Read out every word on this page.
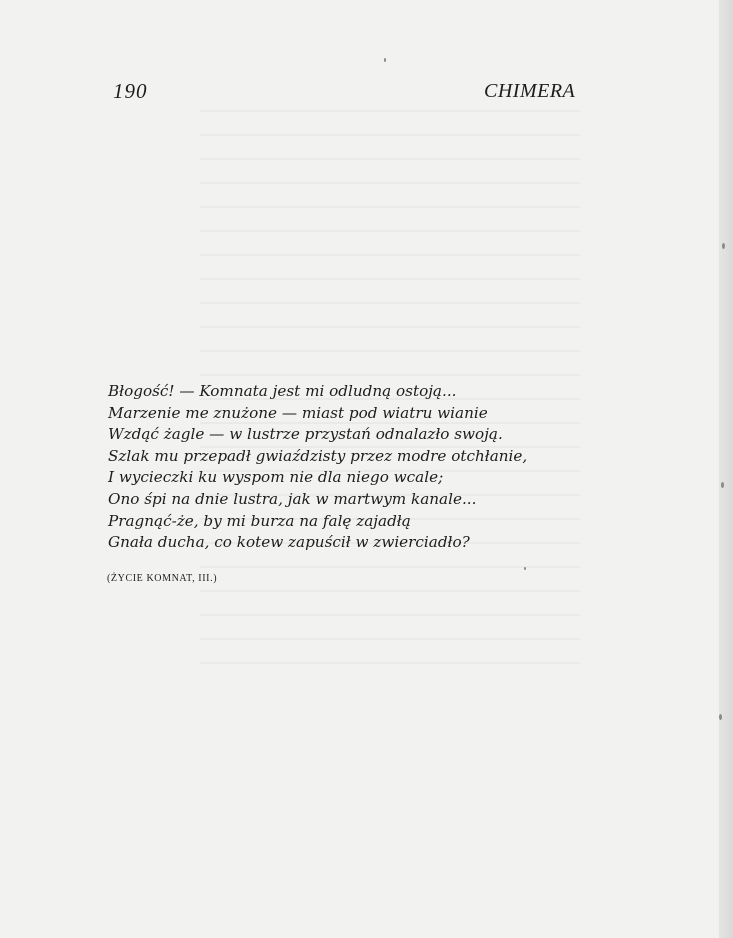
190	CHIMERA
Błogość! — Komnata jest mi odludną ostoją...
Marzenie me znużone — miast pod wiatru wianie
Wzdąć żagle — w lustrze przystań odnalazło swoją.
Szlak mu przepadł gwiaździsty przez modre otchłanie,
I wycieczki ku wyspom nie dla niego wcale;
Ono śpi na dnie lustra, jak w martwym kanale...
Pragnąć-że, by mi burza na falę zajadłą
Gnała ducha, co kotew zapuścił w zwierciadło?
(ŻYCIE KOMNAT, III.)
